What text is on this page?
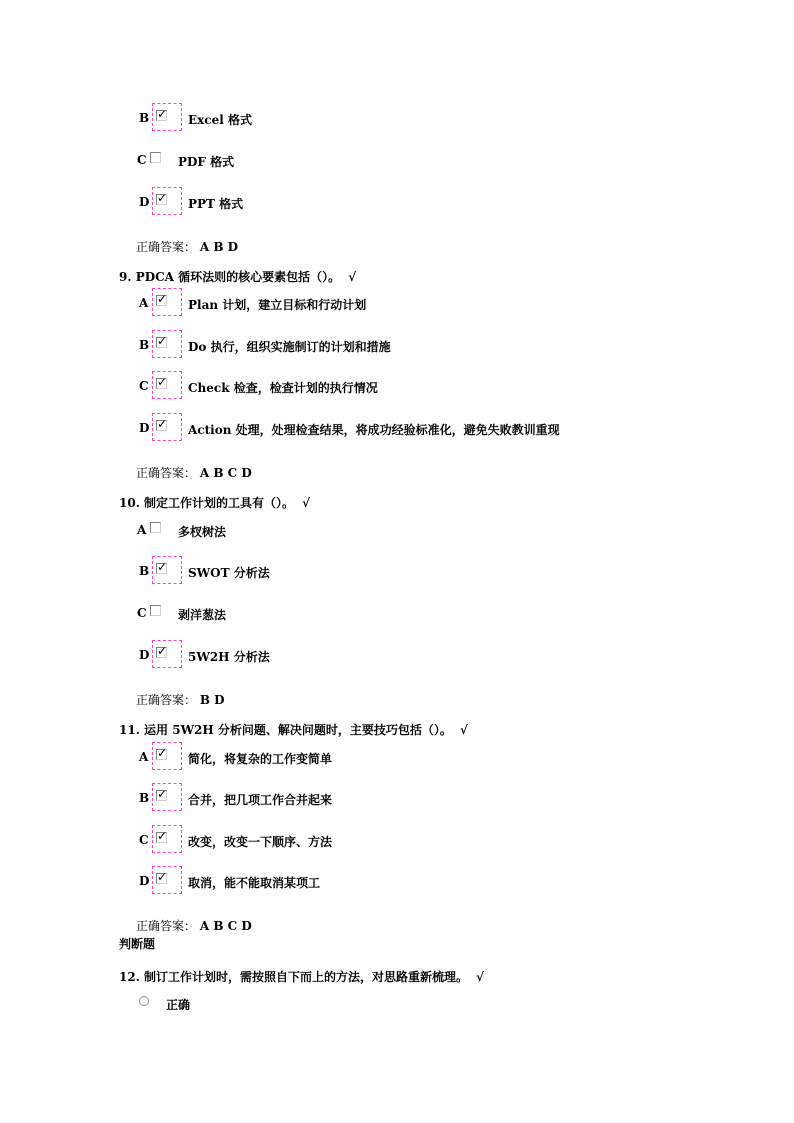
B ✓ Excel 格式
C	PDF 格式
D ✓ PPT 格式
正确答案： A B D
9. PDCA 循环法则的核心要素包括（）。 √
A ✓ Plan 计划，建立目标和行动计划
B ✓ Do 执行，组织实施制订的计划和措施
C ✓ Check 检查，检查计划的执行情况
D ✓ Action 处理，处理检查结果，将成功经验标准化，避免失败教训重现
正确答案： A B C D
10. 制定工作计划的工具有（）。 √
A	多杈树法
B ✓ SWOT 分析法
C	剥洋葱法
D ✓ 5W2H 分析法
正确答案： B D
11. 运用 5W2H 分析问题、解决问题时，主要技巧包括（）。 √
A ✓ 简化，将复杂的工作变简单
B ✓ 合并，把几项工作合并起来
C ✓ 改变，改变一下顺序、方法
D ✓ 取消，能不能取消某项工
正确答案： A B C D
判断题
12. 制订工作计划时，需按照自下而上的方法，对思路重新梳理。 √
正确
